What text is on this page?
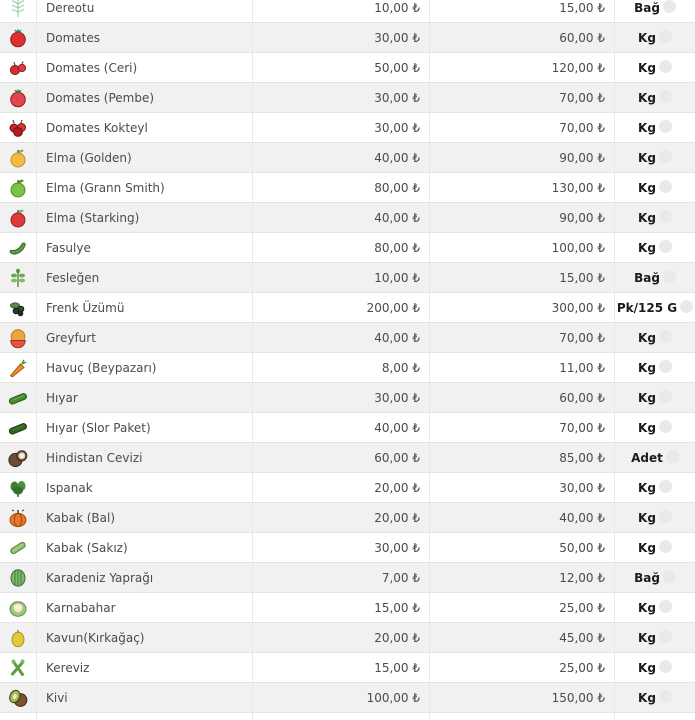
Dereotu	10,00 ₺	15,00 ₺ Bağ
Domates	30,00 ₺	60,00 ₺	Kg
Domates (Ceri)	50,00 ₺	120,00 ₺	Kg
Domates (Pembe)	30,00 ₺	70,00 ₺	Kg
Domates Kokteyl	30,00 ₺	70,00 ₺	Kg
Elma (Golden)	40,00 ₺	90,00 ₺	Kg
Elma (Grann Smith)	80,00 ₺	130,00 ₺	Kg
Elma (Starking)	40,00 ₺	90,00 ₺	Kg
Fasulye	80,00 ₺	100,00 ₺	Kg
Fesleğen	10,00 ₺	15,00 ₺ Bağ
Frenk Üzümü	200,00 ₺	300,00 ₺ Pk/125 G
Greyfurt	40,00 ₺	70,00 ₺	Kg
Havuç (Beypazarı)	8,00 ₺	11,00 ₺	Kg
Hıyar	30,00 ₺	60,00 ₺	Kg
Hıyar (Slor Paket)	40,00 ₺	70,00 ₺	Kg
Hindistan Cevizi	60,00 ₺	85,00 ₺ Adet
Ispanak	20,00 ₺	30,00 ₺	Kg
Kabak (Bal)	20,00 ₺	40,00 ₺	Kg
Kabak (Sakız)	30,00 ₺	50,00 ₺	Kg
Karadeniz Yaprağı	7,00 ₺	12,00 ₺ Bağ
Karnabahar	15,00 ₺	25,00 ₺	Kg
Kavun(Kırkağaç)	20,00 ₺	45,00 ₺	Kg
Kereviz	15,00 ₺	25,00 ₺	Kg
Kivi	100,00 ₺	150,00 ₺	Kg
